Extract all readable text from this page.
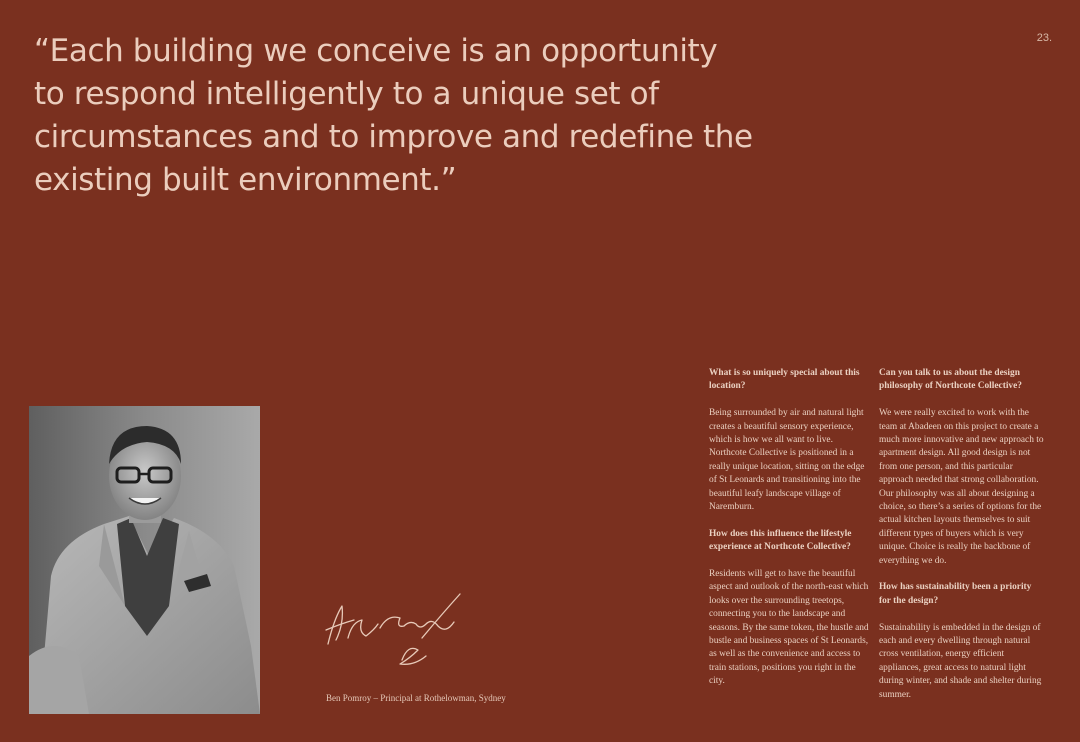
23.
“Each building we conceive is an opportunity to respond intelligently to a unique set of circumstances and to improve and redefine the existing built environment.”
Ben Pomroy – Principal at Rothelowman, Sydney

What is so uniquely special about this location?

Being surrounded by air and natural light creates a beautiful sensory experience, which is how we all want to live. Northcote Collective is positioned in a really unique location, sitting on the edge of St Leonards and transitioning into the beautiful leafy landscape village of Naremburn.

How does this influence the lifestyle experience at Northcote Collective?

Residents will get to have the beautiful aspect and outlook of the north-east which looks over the surrounding treetops, connecting you to the landscape and seasons. By the same token, the hustle and bustle and business spaces of St Leonards, as well as the convenience and access to train stations, positions you right in the city.

Can you talk to us about the design philosophy of Northcote Collective?

We were really excited to work with the team at Abadeen on this project to create a much more innovative and new approach to apartment design. All good design is not from one person, and this particular approach needed that strong collaboration. Our philosophy was all about designing a choice, so there’s a series of options for the actual kitchen layouts themselves to suit different types of buyers which is very unique. Choice is really the backbone of everything we do.

How has sustainability been a priority for the design?

Sustainability is embedded in the design of each and every dwelling through natural cross ventilation, energy efficient appliances, great access to natural light during winter, and shade and shelter during summer.
